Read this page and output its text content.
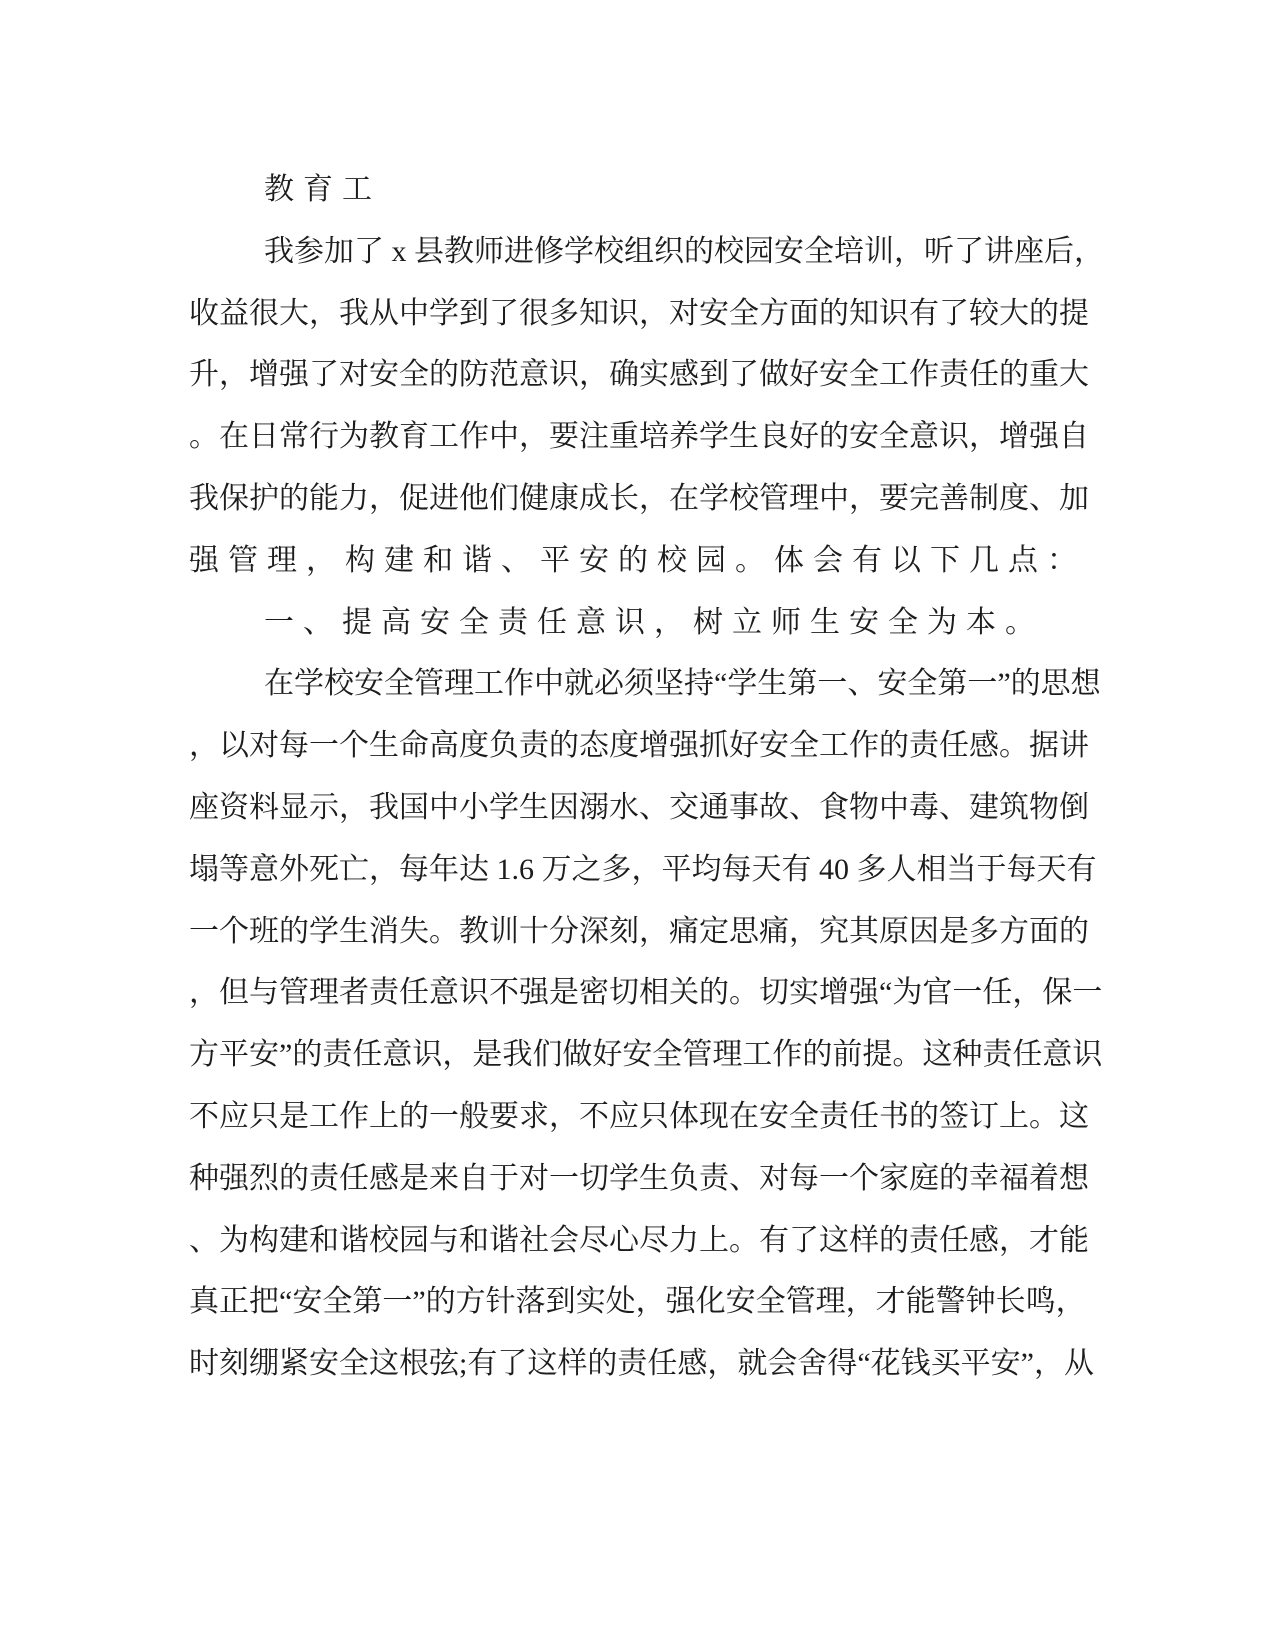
教育工
我参加了 x 县教师进修学校组织的校园安全培训，听了讲座后，
收益很大，我从中学到了很多知识，对安全方面的知识有了较大的提
升，增强了对安全的防范意识，确实感到了做好安全工作责任的重大
。在日常行为教育工作中，要注重培养学生良好的安全意识，增强自
我保护的能力，促进他们健康成长，在学校管理中，要完善制度、加
强管理，构建和谐、平安的校园。体会有以下几点：
一、提高安全责任意识，树立师生安全为本。
在学校安全管理工作中就必须坚持“学生第一、安全第一”的思想
，以对每一个生命高度负责的态度增强抓好安全工作的责任感。据讲
座资料显示，我国中小学生因溺水、交通事故、食物中毒、建筑物倒
塌等意外死亡，每年达 1.6 万之多，平均每天有 40 多人相当于每天有
一个班的学生消失。教训十分深刻，痛定思痛，究其原因是多方面的
，但与管理者责任意识不强是密切相关的。切实增强“为官一任，保一
方平安”的责任意识，是我们做好安全管理工作的前提。这种责任意识
不应只是工作上的一般要求，不应只体现在安全责任书的签订上。这
种强烈的责任感是来自于对一切学生负责、对每一个家庭的幸福着想
、为构建和谐校园与和谐社会尽心尽力上。有了这样的责任感，才能
真正把“安全第一”的方针落到实处，强化安全管理，才能警钟长鸣，
时刻绷紧安全这根弦;有了这样的责任感，就会舍得“花钱买平安”，从
